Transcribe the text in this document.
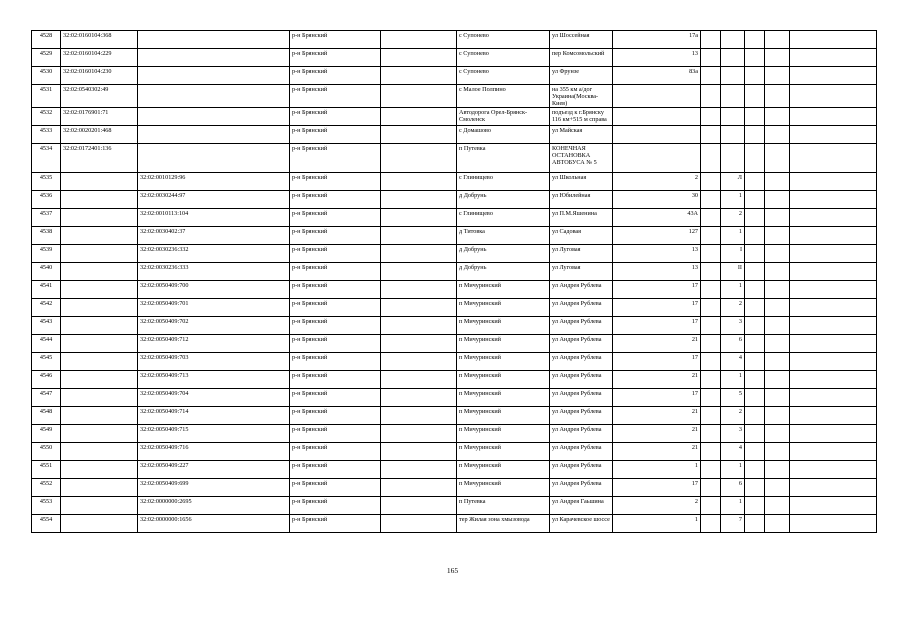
4528	32:02:0160104:368		р-н Брянский		с Супонево	ул Шоссейная	17а					
4529	32:02:0160104:229		р-н Брянский		с Супонево	пер Комсомольский	13					
4530	32:02:0160104:230		р-н Брянский		с Супонево	ул Фрунзе	83а					
4531	32:02:0540302:49		р-н Брянский		с Малое Полпино	на 355 км а/дог Украина(Москва-Киев)						
4532	32:02:0176901:71		р-н Брянский		Автодорога Орел-Брянск-Смоленск	подъезд к г.Брянску 116 км+515 м справа						
4533	32:02:0020201:468		р-н Брянский		с Домашово	ул Майская						
4534	32:02:0172401:136		р-н Брянский		п Путевка	КОНЕЧНАЯ ОСТАНОВКА АВТОБУСА № 5						
4535		32:02:0010129:96	р-н Брянский		с Глинищево	ул Школьная	2		Л			
4536		32:02:0030244:97	р-н Брянский		д Добрунь	ул Юбилейная	30		1			
4537		32:02:0010113:104	р-н Брянский		с Глинищево	ул П.М.Яшенина	43А		2			
4538		32:02:0030402:37	р-н Брянский		д Титовка	ул Садовая	127		1			
4539		32:02:0030236:332	р-н Брянский		д Добрунь	ул Луговая	13		I			
4540		32:02:0030236:333	р-н Брянский		д Добрунь	ул Луговая	13		II			
4541		32:02:0050409:700	р-н Брянский		п Мичуринский	ул Андрея Рублева	17		1			
4542		32:02:0050409:701	р-н Брянский		п Мичуринский	ул Андрея Рублева	17		2			
4543		32:02:0050409:702	р-н Брянский		п Мичуринский	ул Андрея Рублева	17		3			
4544		32:02:0050409:712	р-н Брянский		п Мичуринский	ул Андрея Рублева	21		6			
4545		32:02:0050409:703	р-н Брянский		п Мичуринский	ул Андрея Рублева	17		4			
4546		32:02:0050409:713	р-н Брянский		п Мичуринский	ул Андрея Рублева	21		1			
4547		32:02:0050409:704	р-н Брянский		п Мичуринский	ул Андрея Рублева	17		5			
4548		32:02:0050409:714	р-н Брянский		п Мичуринский	ул Андрея Рублева	21		2			
4549		32:02:0050409:715	р-н Брянский		п Мичуринский	ул Андрея Рублева	21		3			
4550		32:02:0050409:716	р-н Брянский		п Мичуринский	ул Андрея Рублева	21		4			
4551		32:02:0050409:227	р-н Брянский		п Мичуринский	ул Андрея Рублева	1		1			
4552		32:02:0050409:699	р-н Брянский		п Мичуринский	ул Андрея Рублева	17		6			
4553		32:02:0000000:2695	р-н Брянский		п Путевка	ул Андрея Гаьшина	2		1			
4554		32:02:0000000:1656	р-н Брянский		тер Жилая зона хмызовода	ул Карачевское шоссе	1		7			
165
